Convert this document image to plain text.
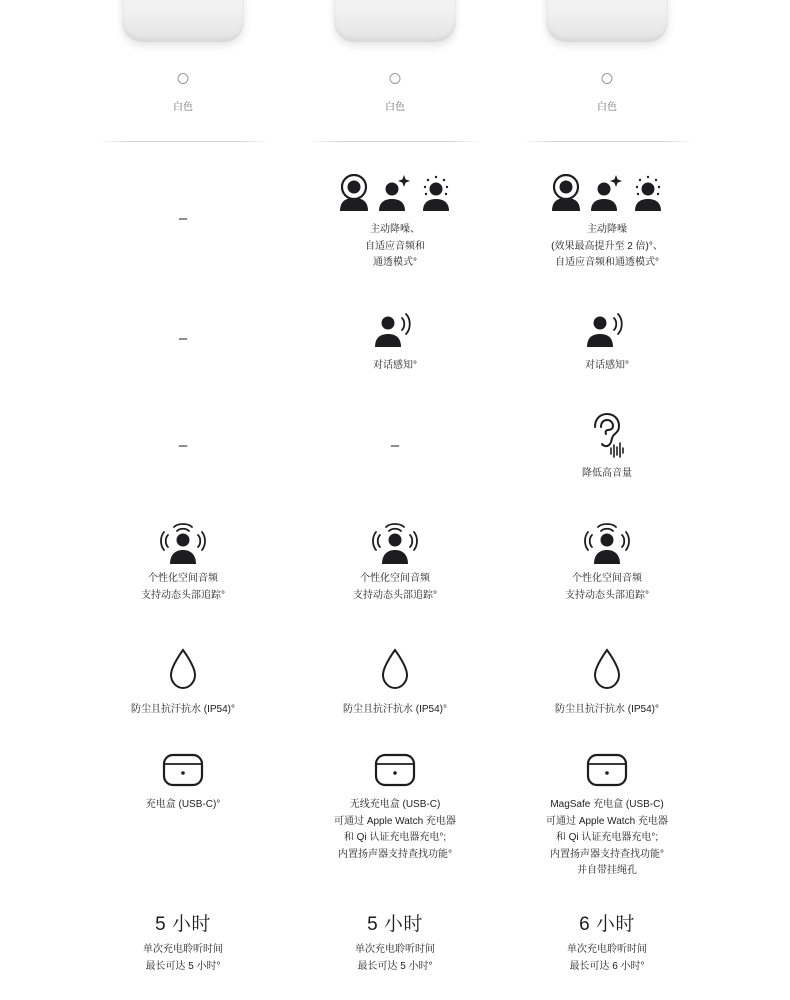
白色
–
–
–
个性化空间音频
支持动态头部追踪°
防尘且抗汗抗水 (IP54)°
充电盒 (USB-C)°
5 小时
单次充电聆听时间
最长可达 5 小时°
白色
主动降噪、
自适应音频和
通透模式°
对话感知°
–
个性化空间音频
支持动态头部追踪°
防尘且抗汗抗水 (IP54)°
无线充电盒 (USB-C)
可通过 Apple Watch 充电器
和 Qi 认证充电器充电°;
内置扬声器支持查找功能°
5 小时
单次充电聆听时间
最长可达 5 小时°
白色
主动降噪
(效果最高提升至 2 倍)°、
自适应音频和通透模式°
对话感知°
降低高音量
个性化空间音频
支持动态头部追踪°
防尘且抗汗抗水 (IP54)°
MagSafe 充电盒 (USB-C)
可通过 Apple Watch 充电器
和 Qi 认证充电器充电°;
内置扬声器支持查找功能°
并自带挂绳孔
6 小时
单次充电聆听时间
最长可达 6 小时°
